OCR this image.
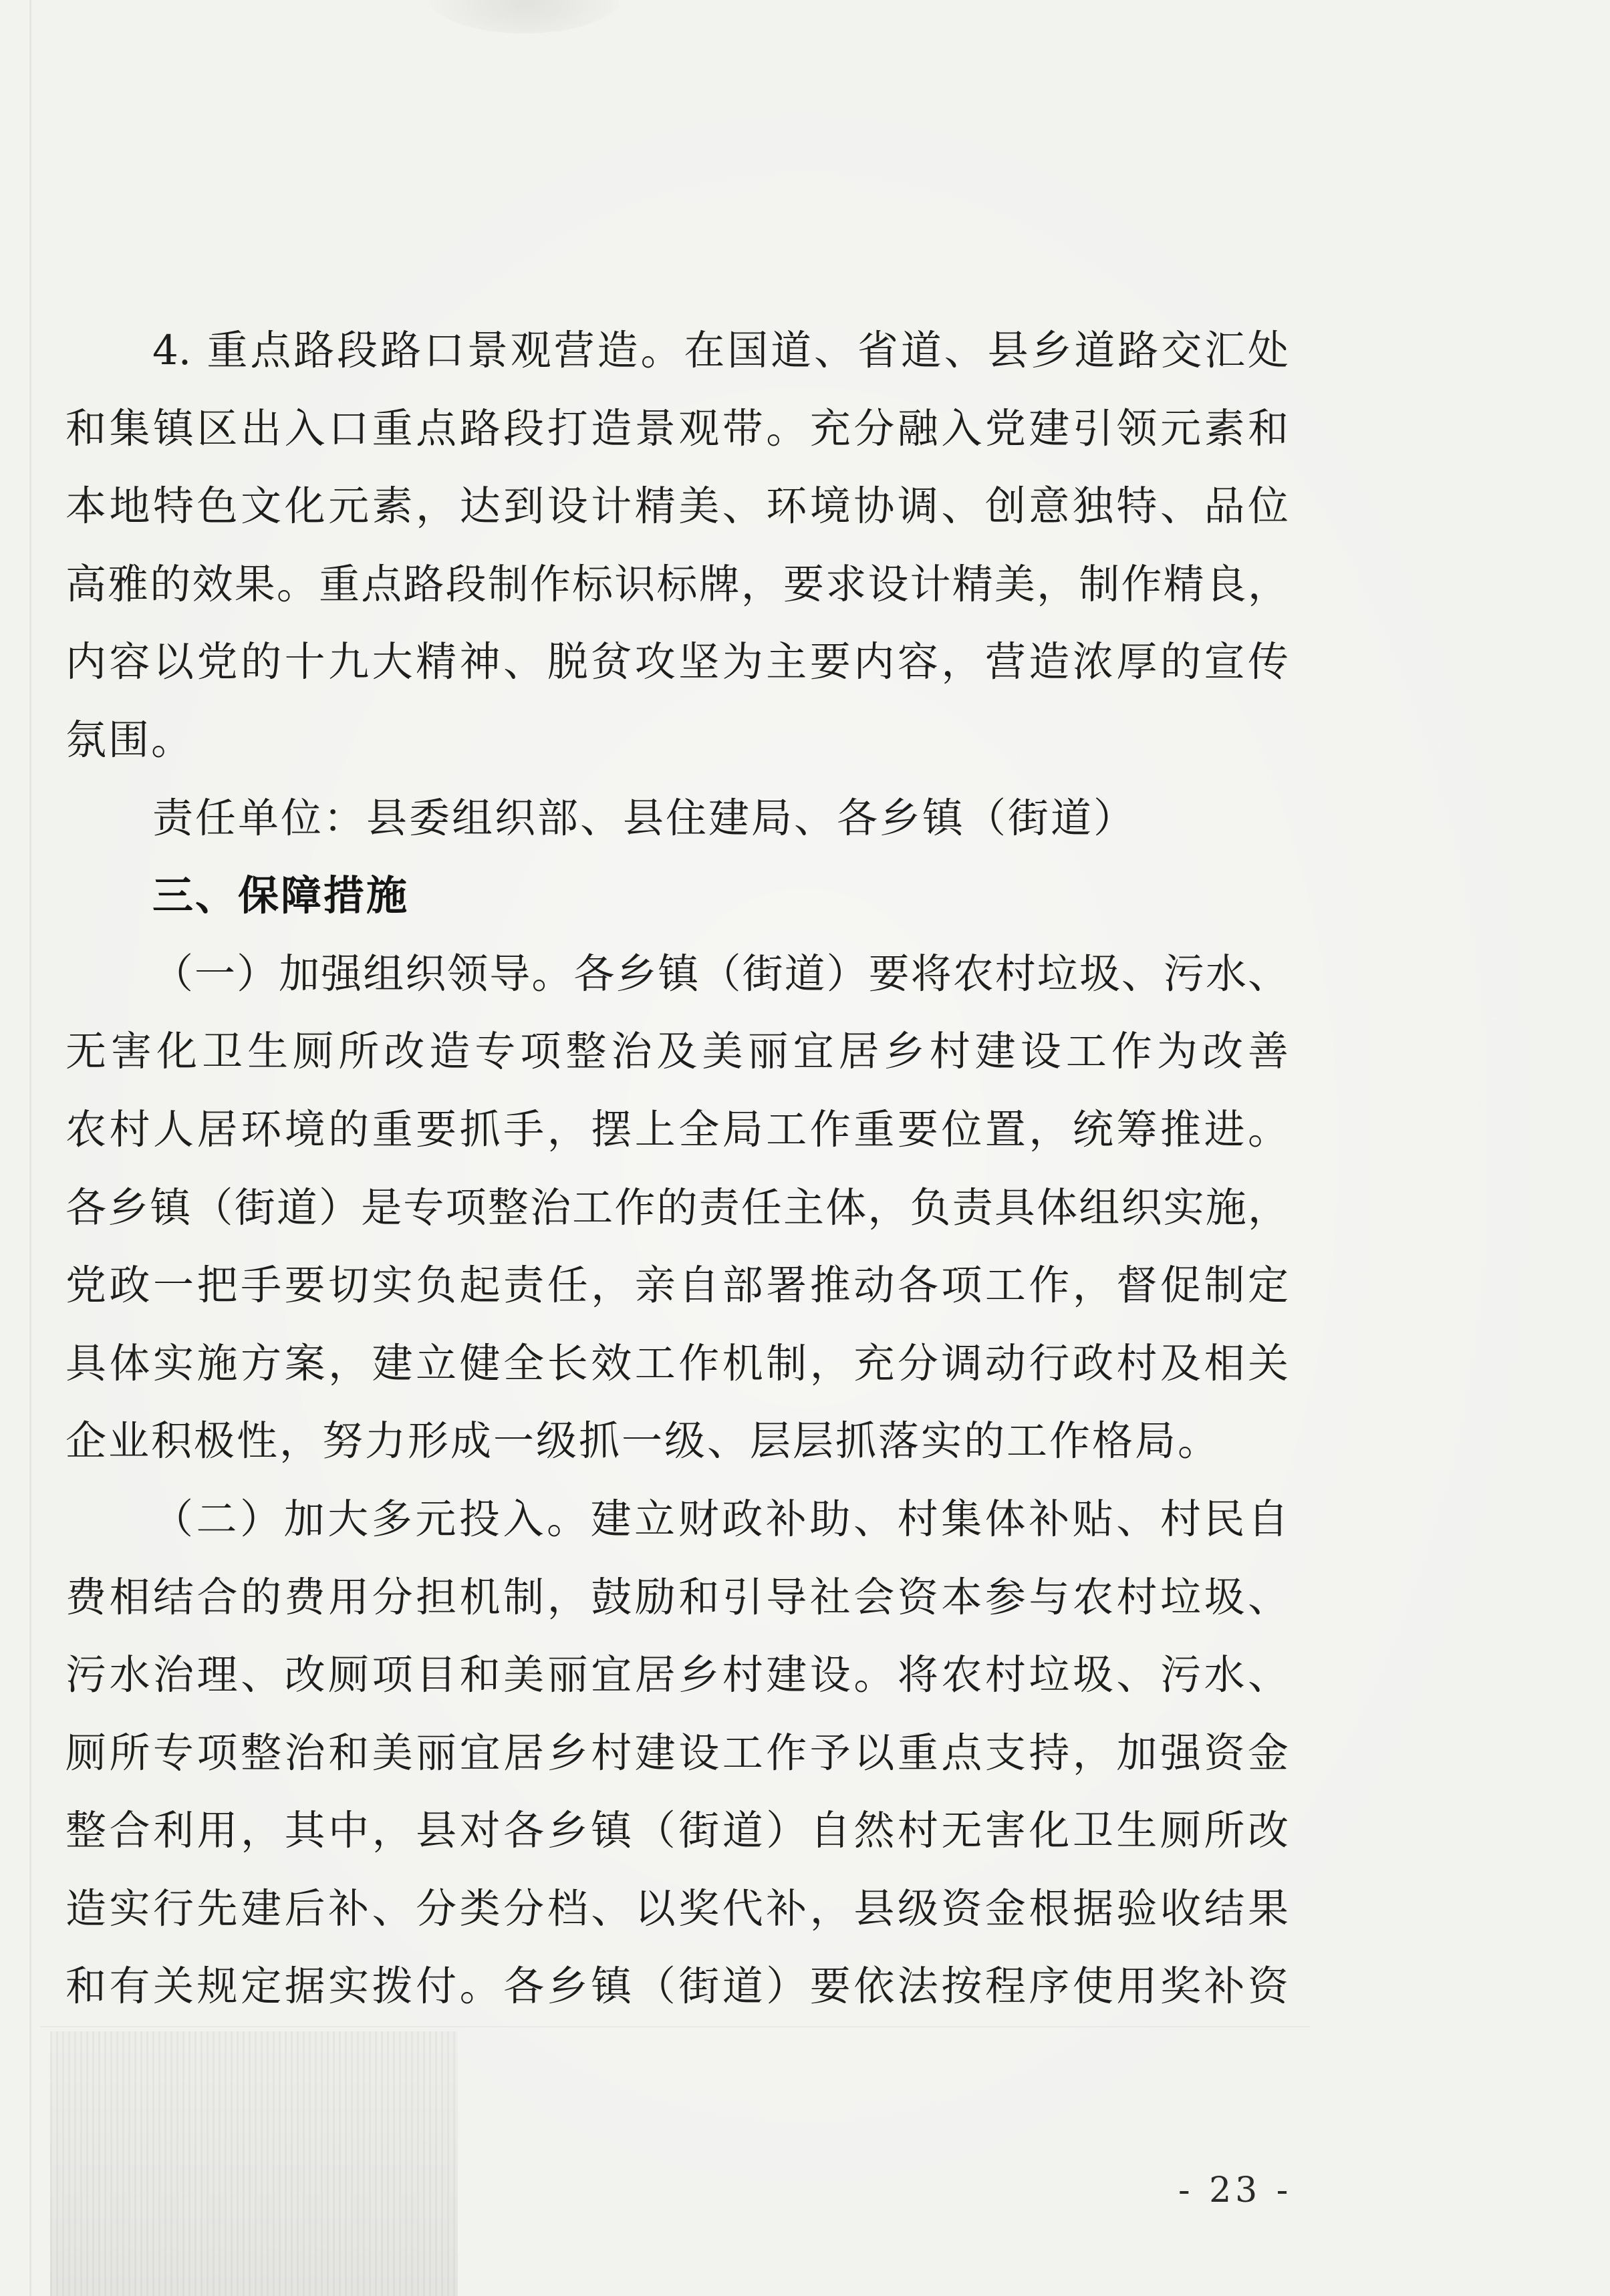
4. 重点路段路口景观营造。在国道、省道、县乡道路交汇处
和集镇区出入口重点路段打造景观带。充分融入党建引领元素和
本地特色文化元素，达到设计精美、环境协调、创意独特、品位
高雅的效果。重点路段制作标识标牌，要求设计精美，制作精良，
内容以党的十九大精神、脱贫攻坚为主要内容，营造浓厚的宣传
氛围。
责任单位：县委组织部、县住建局、各乡镇（街道）
三、保障措施
（一）加强组织领导。各乡镇（街道）要将农村垃圾、污水、
无害化卫生厕所改造专项整治及美丽宜居乡村建设工作为改善
农村人居环境的重要抓手，摆上全局工作重要位置，统筹推进。
各乡镇（街道）是专项整治工作的责任主体，负责具体组织实施，
党政一把手要切实负起责任，亲自部署推动各项工作，督促制定
具体实施方案，建立健全长效工作机制，充分调动行政村及相关
企业积极性，努力形成一级抓一级、层层抓落实的工作格局。
（二）加大多元投入。建立财政补助、村集体补贴、村民自
费相结合的费用分担机制，鼓励和引导社会资本参与农村垃圾、
污水治理、改厕项目和美丽宜居乡村建设。将农村垃圾、污水、
厕所专项整治和美丽宜居乡村建设工作予以重点支持，加强资金
整合利用，其中，县对各乡镇（街道）自然村无害化卫生厕所改
造实行先建后补、分类分档、以奖代补，县级资金根据验收结果
和有关规定据实拨付。各乡镇（街道）要依法按程序使用奖补资
- 23 -
